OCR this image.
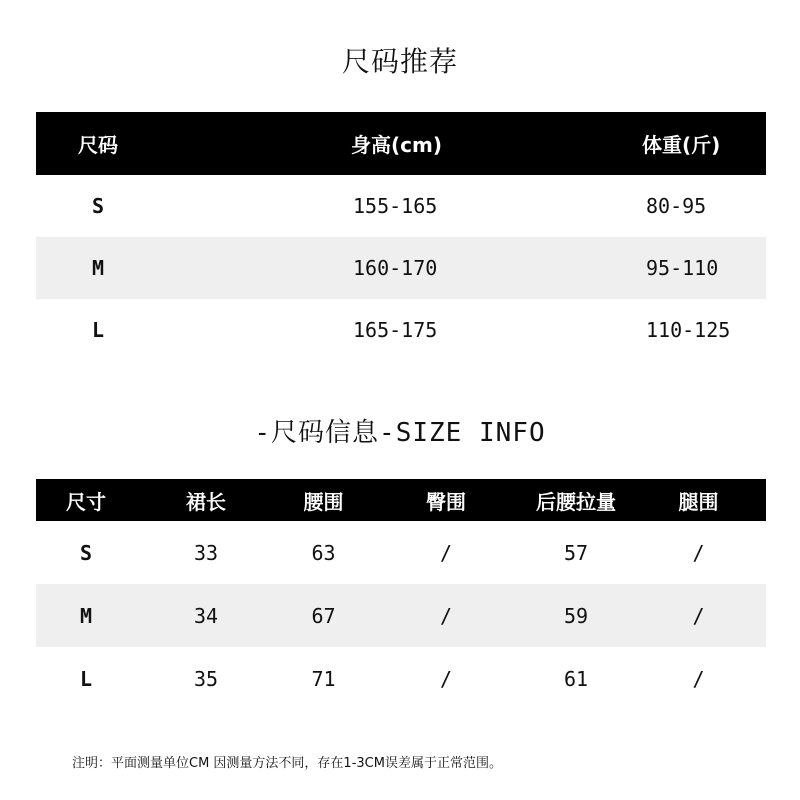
尺码推荐
尺码	身高(cm)	体重(斤)
S	155-165	80-95
M	160-170	95-110
L	165-175	110-125
-尺码信息-SIZE INFO
尺寸	裙长	腰围	臀围	后腰拉量	腿围
S	33	63	/	57	/
M	34	67	/	59	/
L	35	71	/	61	/
注明：平面测量单位CM 因测量方法不同，存在1-3CM误差属于正常范围。
